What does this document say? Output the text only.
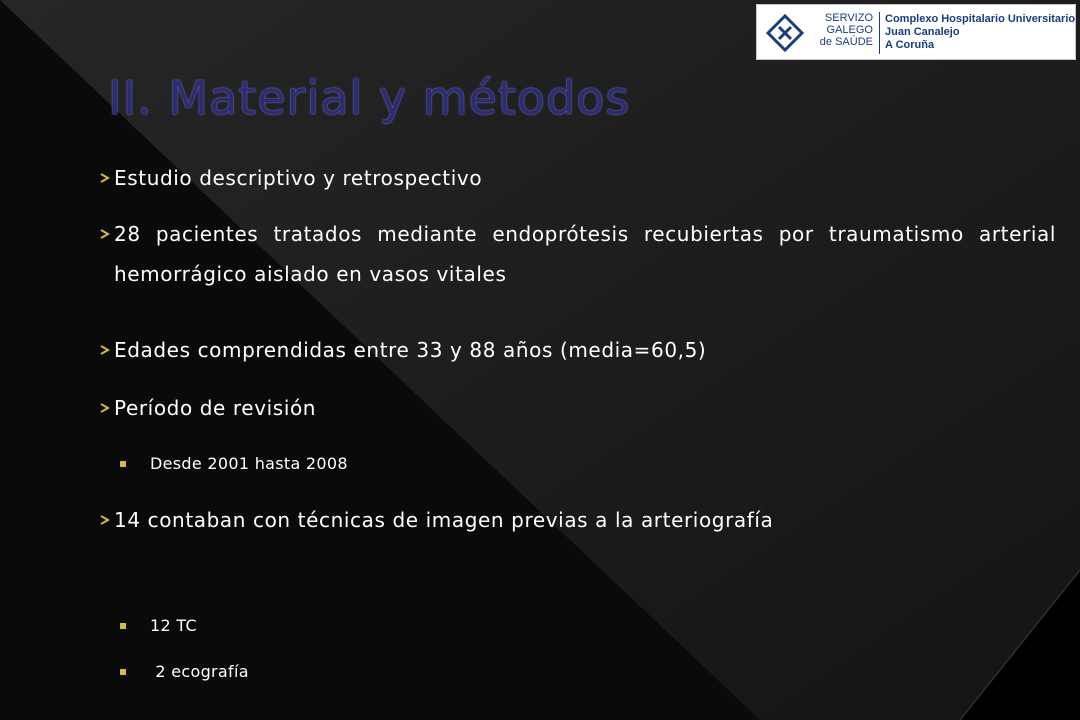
SERVIZO
GALEGO
de SAÚDE
Complexo Hospitalario Universitario
Juan Canalejo
A Coruña
II. Material y métodos
Estudio descriptivo y retrospectivo
28 pacientes tratados mediante endoprótesis recubiertas por traumatismo arterial hemorrágico aislado en vasos vitales
Edades comprendidas entre 33 y 88 años (media=60,5)
Período de revisión
Desde 2001 hasta 2008
14 contaban con técnicas de imagen previas a la arteriografía
12 TC
2 ecografía
